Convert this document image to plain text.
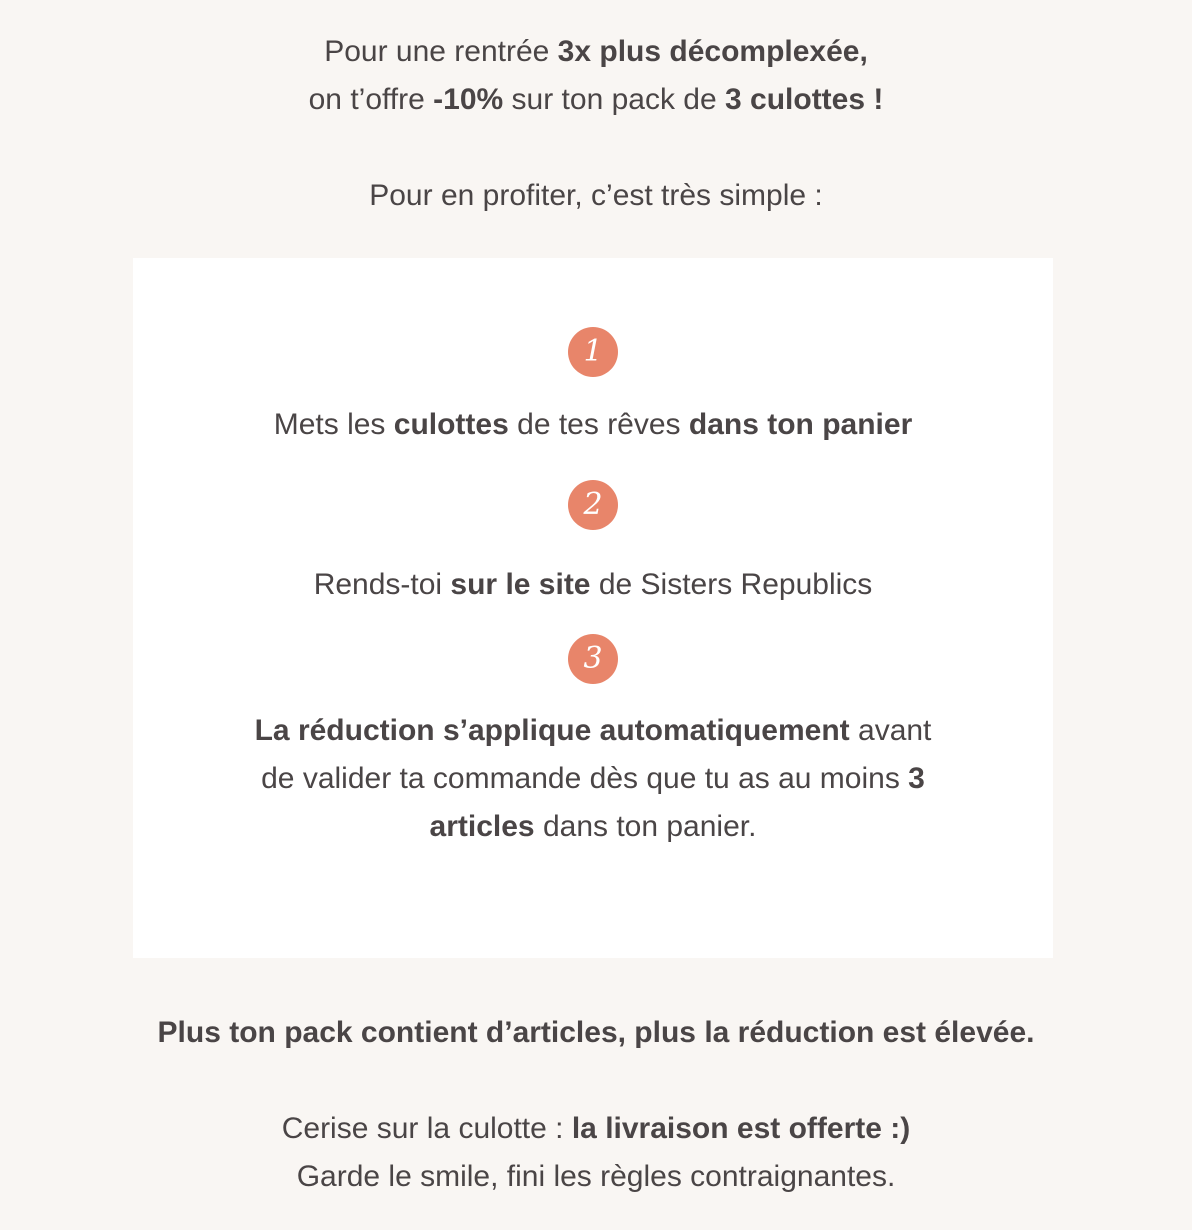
Pour une rentrée 3x plus décomplexée,
on t’offre -10% sur ton pack de 3 culottes !
Pour en profiter, c’est très simple :
1
Mets les culottes de tes rêves dans ton panier
2
Rends-toi sur le site de Sisters Republics
3
La réduction s’applique automatiquement avant
de valider ta commande dès que tu as au moins 3
articles dans ton panier.
Plus ton pack contient d’articles, plus la réduction est élevée.
Cerise sur la culotte : la livraison est offerte :)
Garde le smile, fini les règles contraignantes.
